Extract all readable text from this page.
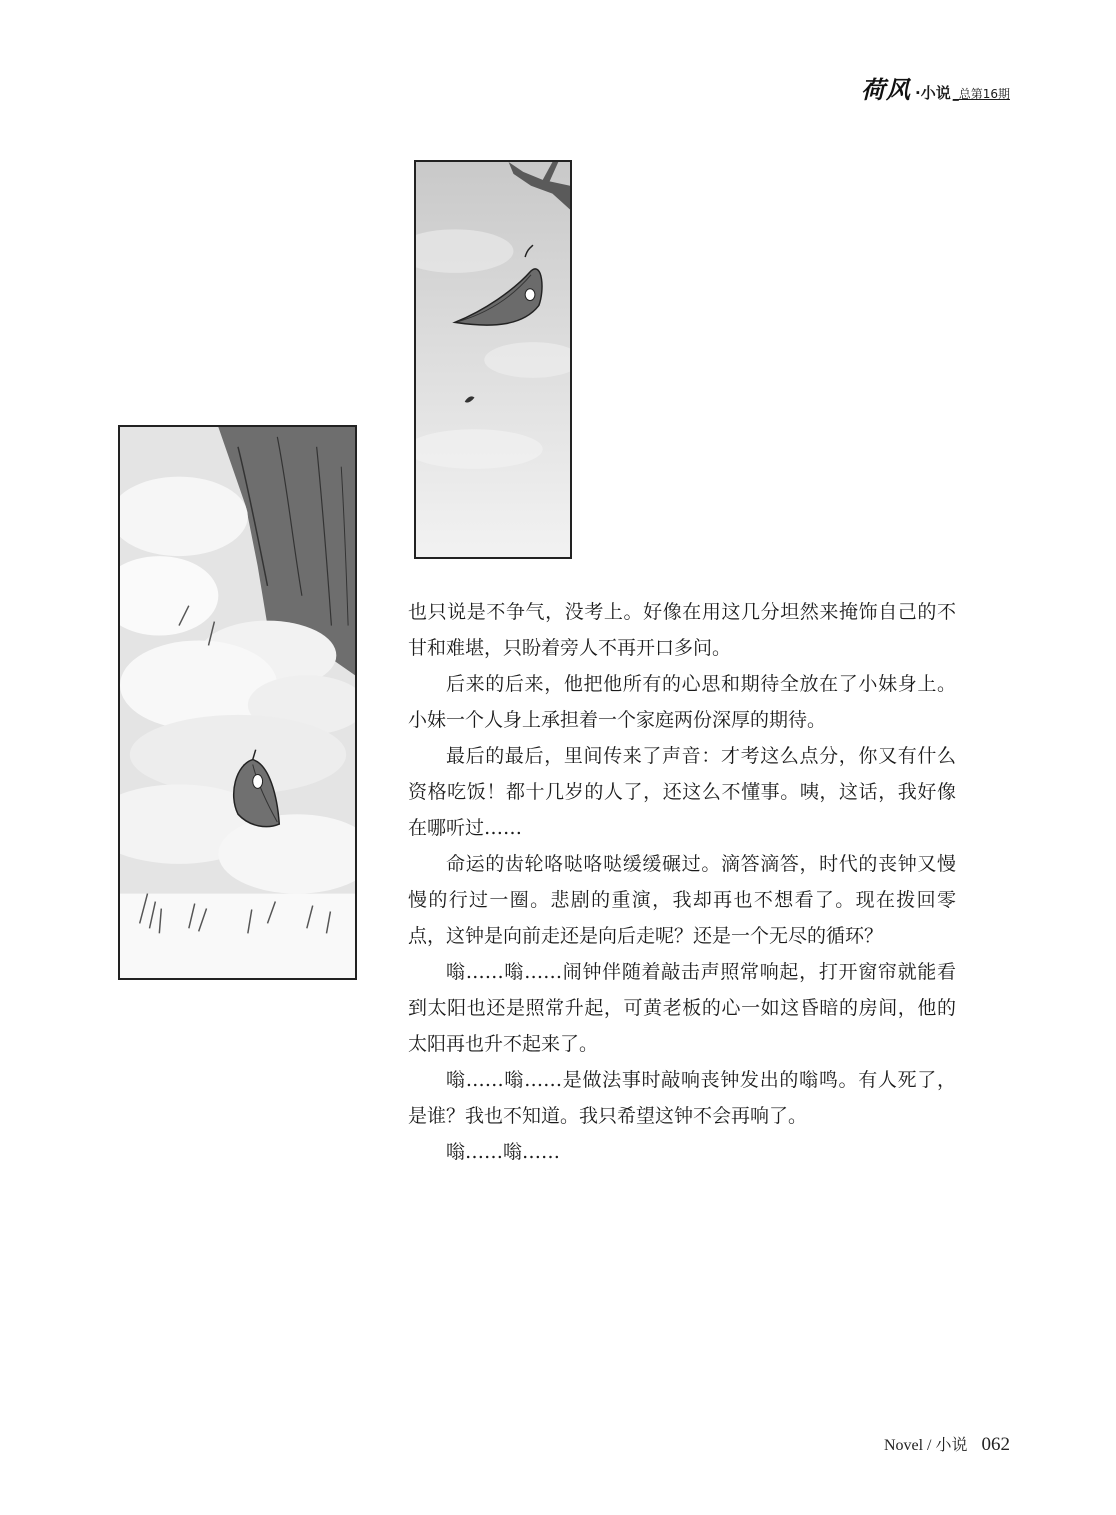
荷风 ·小说 _总第16期

也只说是不争气，没考上。好像在用这几分坦然来掩饰自己的不甘和难堪，只盼着旁人不再开口多问。

后来的后来，他把他所有的心思和期待全放在了小妹身上。小妹一个人身上承担着一个家庭两份深厚的期待。

最后的最后，里间传来了声音：才考这么点分，你又有什么资格吃饭！都十几岁的人了，还这么不懂事。咦，这话，我好像在哪听过……

命运的齿轮咯哒咯哒缓缓碾过。滴答滴答，时代的丧钟又慢慢的行过一圈。悲剧的重演，我却再也不想看了。现在拨回零点，这钟是向前走还是向后走呢？还是一个无尽的循环？

嗡……嗡……闹钟伴随着敲击声照常响起，打开窗帘就能看到太阳也还是照常升起，可黄老板的心一如这昏暗的房间，他的太阳再也升不起来了。

嗡……嗡……是做法事时敲响丧钟发出的嗡鸣。有人死了，是谁？我也不知道。我只希望这钟不会再响了。

嗡……嗡……

Novel / 小说 062
